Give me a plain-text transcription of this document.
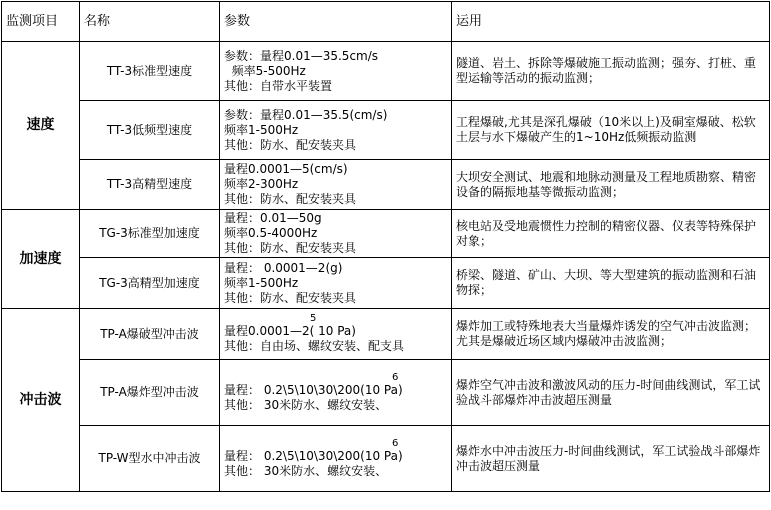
监测项目	名称	参数	运用
速度	TT-3标准型速度	参数：量程0.01—35.5cm/s
频率5-500Hz
其他：自带水平装置	隧道、岩土、拆除等爆破施工振动监测；强夯、打桩、重型运输等活动的振动监测；
	TT-3低频型速度	参数：量程0.01—35.5(cm/s)
频率1-500Hz
其他：防水、配安装夹具	工程爆破,尤其是深孔爆破（10米以上)及硐室爆破、松软土层与水下爆破产生的1~10Hz低频振动监测
	TT-3高精型速度	量程0.0001—5(cm/s)
频率2-300Hz
其他：防水、配安装夹具	大坝安全测试、地震和地脉动测量及工程地质勘察、精密设备的隔振地基等微振动监测；
加速度	TG-3标准型加速度	量程：0.01—50g
频率0.5-4000Hz
其他：防水、配安装夹具	核电站及受地震惯性力控制的精密仪器、仪表等特殊保护对象；
	TG-3高精型加速度	量程： 0.0001—2(g)
频率1-500Hz
其他：防水、配安装夹具	桥梁、隧道、矿山、大坝、等大型建筑的振动监测和石油物探；
冲击波	TP-A爆破型冲击波	5
量程0.0001—2( 10 Pa)
其他：自由场、螺纹安装、配支具	爆炸加工或特殊地表大当量爆炸诱发的空气冲击波监测；尤其是爆破近场区域内爆破冲击波监测；
	TP-A爆炸型冲击波	6
量程： 0.2\5\10\30\200(10 Pa)
其他： 30米防水、螺纹安装、	爆炸空气冲击波和激波风动的压力-时间曲线测试，军工试验战斗部爆炸冲击波超压测量
	TP-W型水中冲击波	6
量程： 0.2\5\10\30\200(10 Pa)
其他： 30米防水、螺纹安装、	爆炸水中冲击波压力-时间曲线测试，军工试验战斗部爆炸冲击波超压测量
